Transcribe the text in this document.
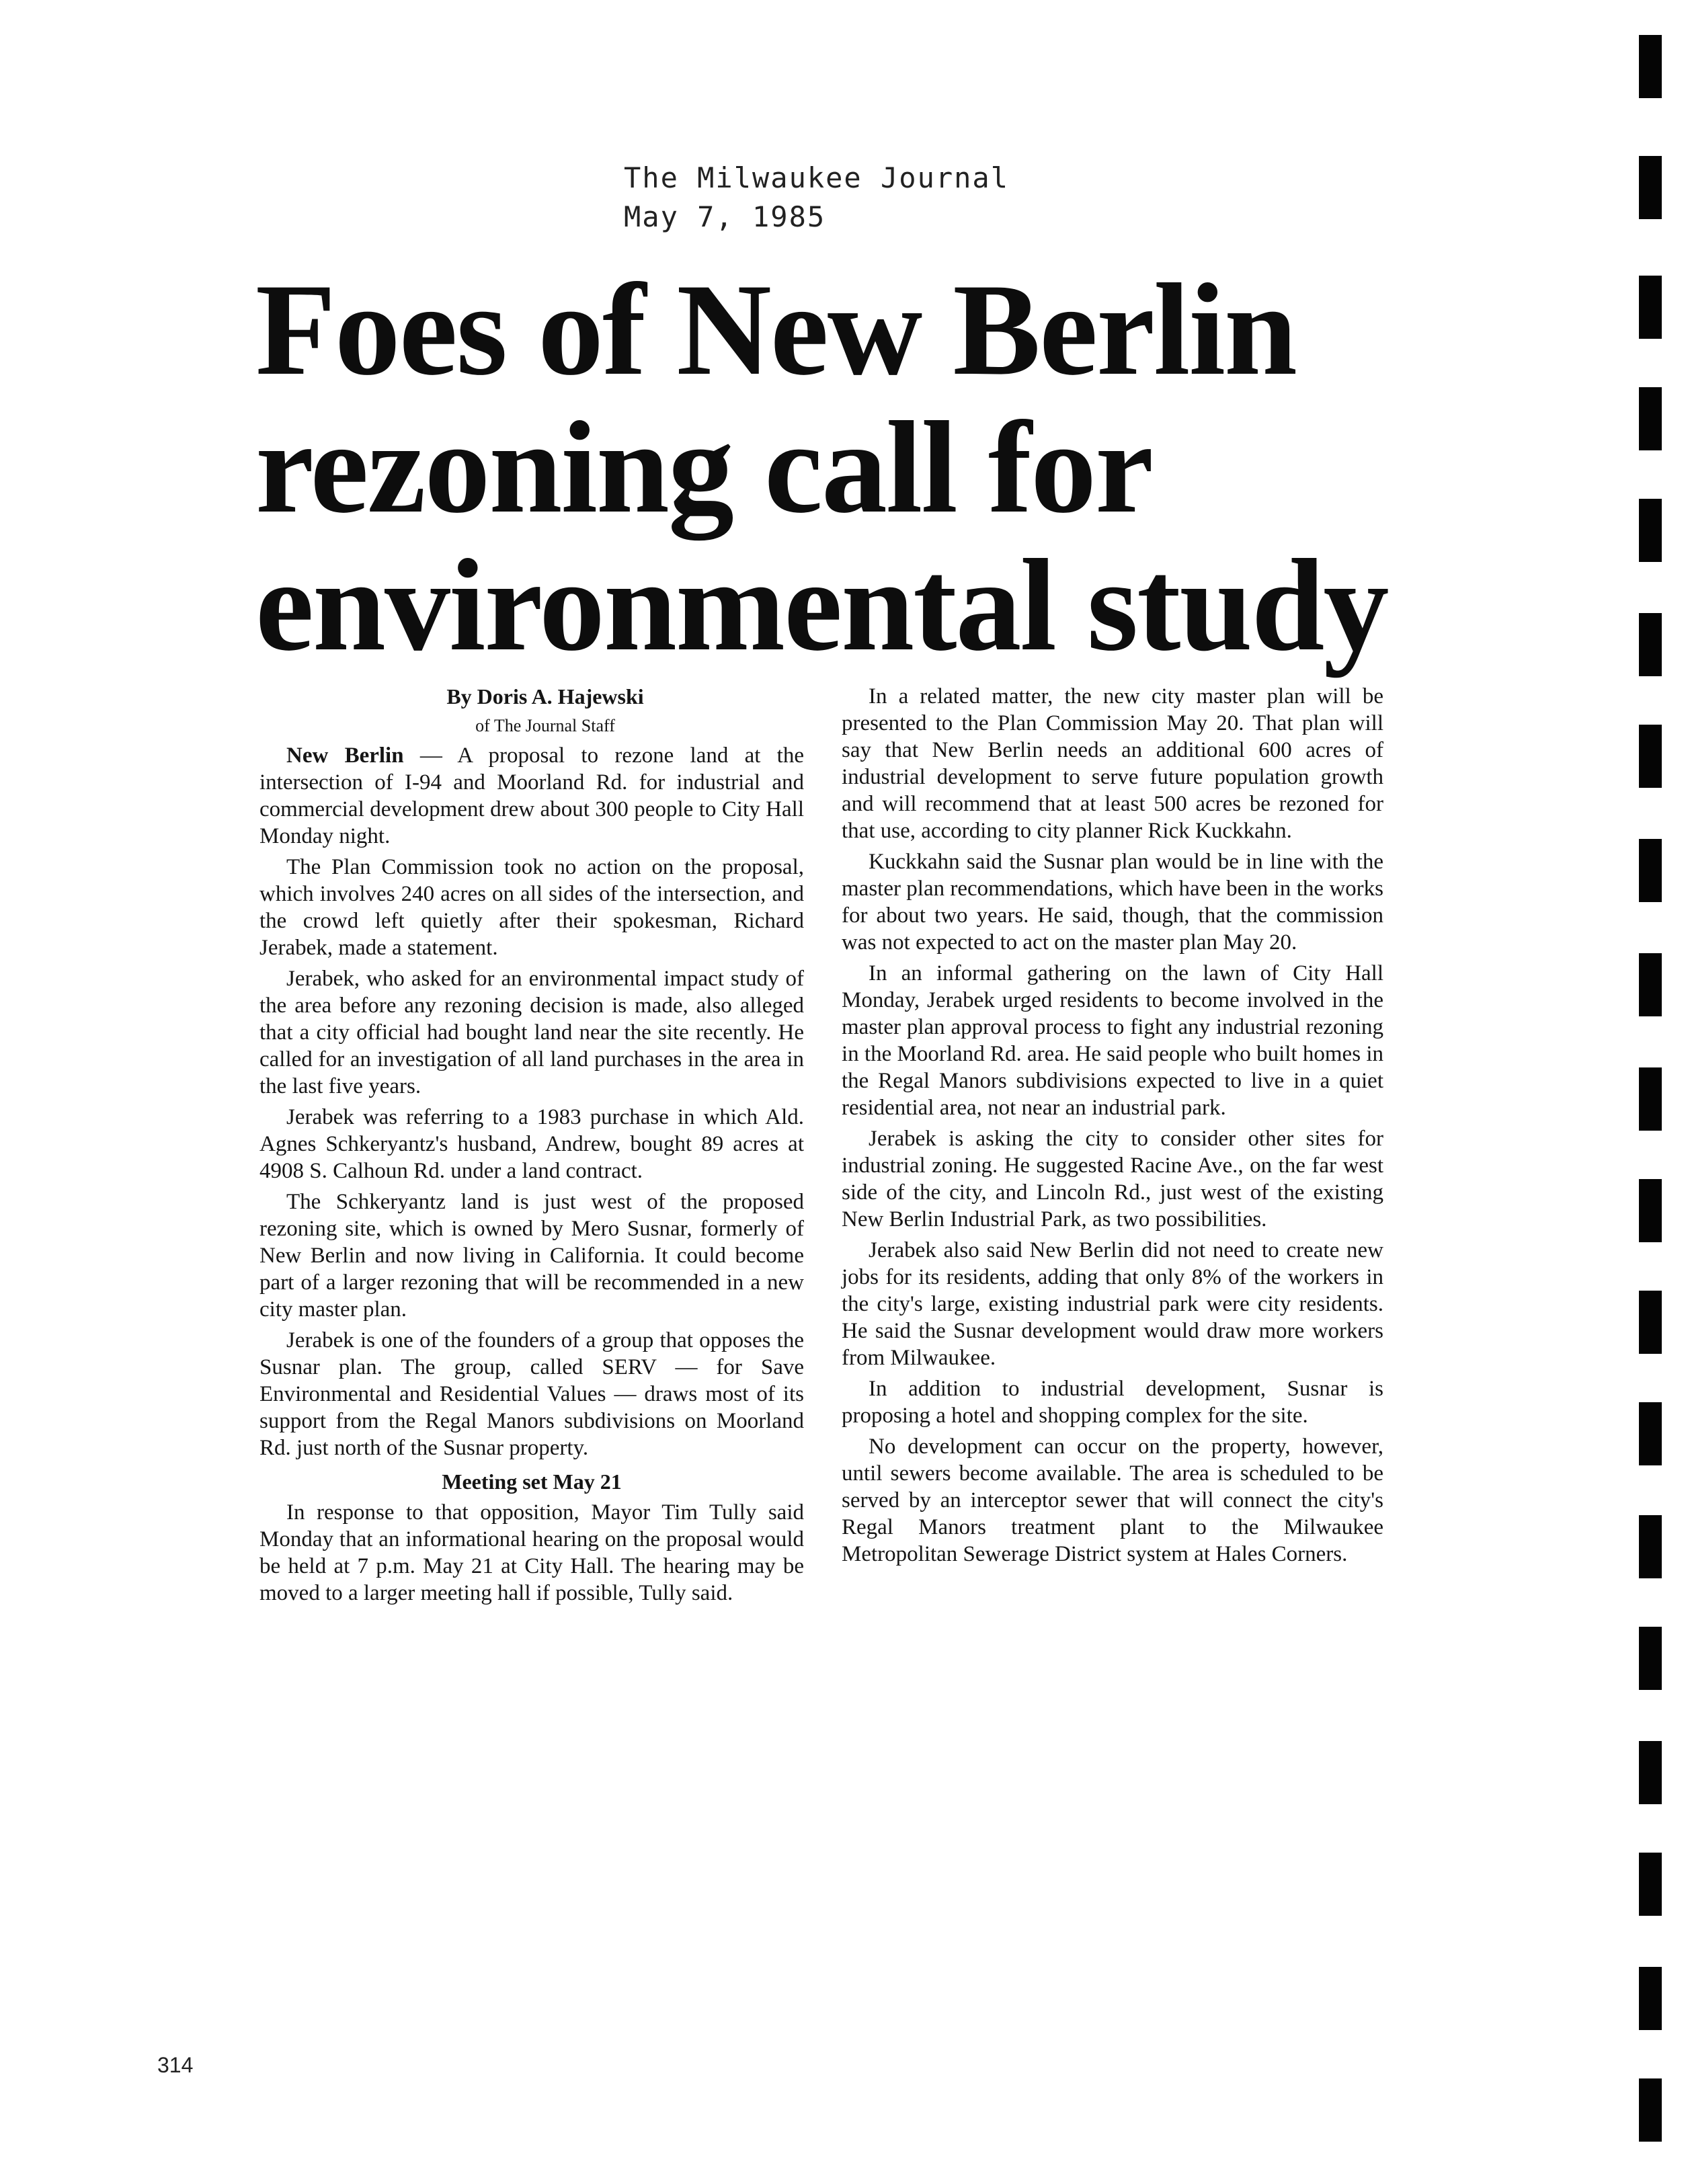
The Milwaukee Journal
May 7, 1985
Foes of New Berlin
rezoning call for
environmental study

By Doris A. Hajewski

of The Journal Staff

New Berlin — A proposal to rezone land at the intersection of I-94 and Moorland Rd. for industrial and commercial development drew about 300 people to City Hall Monday night.

The Plan Commission took no action on the proposal, which involves 240 acres on all sides of the intersection, and the crowd left quietly after their spokesman, Richard Jerabek, made a statement.

Jerabek, who asked for an environmental impact study of the area before any rezoning decision is made, also alleged that a city official had bought land near the site recently. He called for an investigation of all land purchases in the area in the last five years.

Jerabek was referring to a 1983 purchase in which Ald. Agnes Schkeryantz's husband, Andrew, bought 89 acres at 4908 S. Calhoun Rd. under a land contract.

The Schkeryantz land is just west of the proposed rezoning site, which is owned by Mero Susnar, formerly of New Berlin and now living in California. It could become part of a larger rezoning that will be recommended in a new city master plan.

Jerabek is one of the founders of a group that opposes the Susnar plan. The group, called SERV — for Save Environmental and Residential Values — draws most of its support from the Regal Manors subdivisions on Moorland Rd. just north of the Susnar property.

Meeting set May 21

In response to that opposition, Mayor Tim Tully said Monday that an informational hearing on the proposal would be held at 7 p.m. May 21 at City Hall. The hearing may be moved to a larger meeting hall if possible, Tully said.

In a related matter, the new city master plan will be presented to the Plan Commission May 20. That plan will say that New Berlin needs an additional 600 acres of industrial development to serve future population growth and will recommend that at least 500 acres be rezoned for that use, according to city planner Rick Kuckkahn.

Kuckkahn said the Susnar plan would be in line with the master plan recommendations, which have been in the works for about two years. He said, though, that the commission was not expected to act on the master plan May 20.

In an informal gathering on the lawn of City Hall Monday, Jerabek urged residents to become involved in the master plan approval process to fight any industrial rezoning in the Moorland Rd. area. He said people who built homes in the Regal Manors subdivisions expected to live in a quiet residential area, not near an industrial park.

Jerabek is asking the city to consider other sites for industrial zoning. He suggested Racine Ave., on the far west side of the city, and Lincoln Rd., just west of the existing New Berlin Industrial Park, as two possibilities.

Jerabek also said New Berlin did not need to create new jobs for its residents, adding that only 8% of the workers in the city's large, existing industrial park were city residents. He said the Susnar development would draw more workers from Milwaukee.

In addition to industrial development, Susnar is proposing a hotel and shopping complex for the site.

No development can occur on the property, however, until sewers become available. The area is scheduled to be served by an interceptor sewer that will connect the city's Regal Manors treatment plant to the Milwaukee Metropolitan Sewerage District system at Hales Corners.

314
